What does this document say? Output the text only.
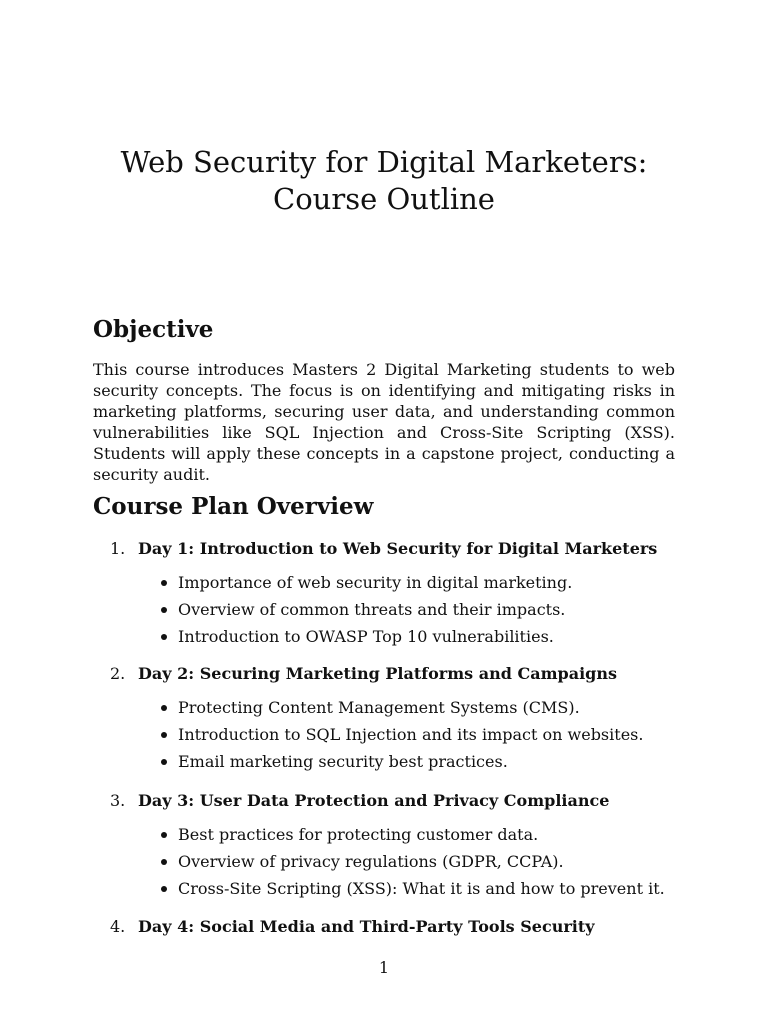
Web Security for Digital Marketers: Course Outline
Objective

This course introduces Masters 2 Digital Marketing students to web security concepts. The focus is on identifying and mitigating risks in marketing platforms, securing user data, and understanding common vulnerabilities like SQL Injection and Cross-Site Scripting (XSS). Students will apply these concepts in a capstone project, conducting a security audit.

Course Plan Overview
1. Day 1: Introduction to Web Security for Digital Marketers
Importance of web security in digital marketing.
Overview of common threats and their impacts.
Introduction to OWASP Top 10 vulnerabilities.
2. Day 2: Securing Marketing Platforms and Campaigns
Protecting Content Management Systems (CMS).
Introduction to SQL Injection and its impact on websites.
Email marketing security best practices.
3. Day 3: User Data Protection and Privacy Compliance
Best practices for protecting customer data.
Overview of privacy regulations (GDPR, CCPA).
Cross-Site Scripting (XSS): What it is and how to prevent it.
4. Day 4: Social Media and Third-Party Tools Security
1
